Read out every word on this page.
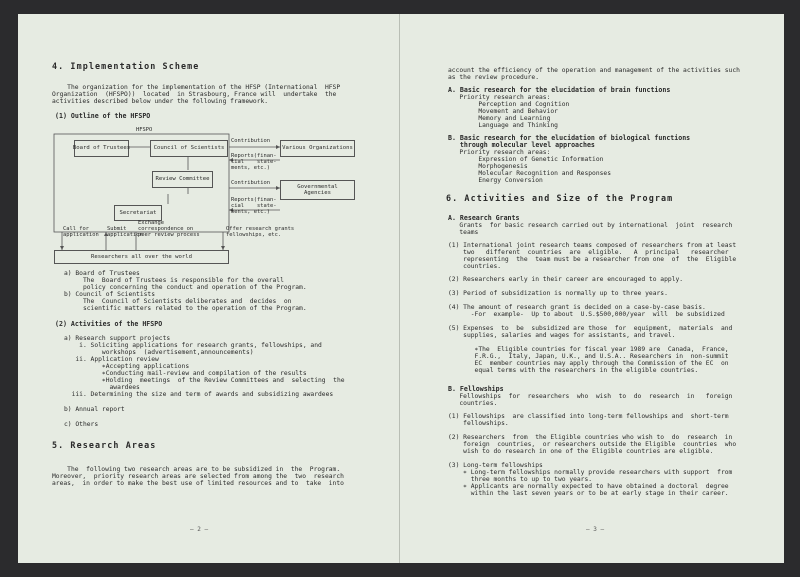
4. Implementation Scheme
The organization for the implementation of the HFSP (International  HFSP
Organization  (HFSPO))  located  in Strasbourg, France will  undertake  the
activities described below under the following framework.
(1) Outline of the HFSPO
HFSPO
Board of Trustees	Council of Scientists
Review Committee
Secretariat
Various Organizations
Governmental
Agencies
Contribution
Reports(finan-
cial    state-
ments, etc.)
Contribution
Reports(finan-
cial    state-
ments, etc.)
Call for
application
Submit
application
Exchange
correspondence on
peer review process
Offer research grants
fellowships, etc.
Researchers all over the world
a) Board of Trustees
The  Board of Trustees is responsible for the overall
policy concerning the conduct and operation of the Program.
b) Council of Scientists
The  Council of Scientists deliberates and  decides  on
scientific matters related to the operation of the Program.
(2) Activities of the HFSPO
a) Research support projects
i. Soliciting applications for research grants, fellowships, and
workshops  (advertisement,announcements)
ii. Application review
∗Accepting applications
∗Conducting mail-review and compilation of the results
∗Holding  meetings  of the Review Committees and  selecting  the
awardees
iii. Determining the size and term of awards and subsidizing awardees
b) Annual report
c) Others
5. Research Areas
The  following two research areas are to be subsidized in  the  Program.
Moreover,  priority research areas are selected from among the  two  research
areas,  in order to make the best use of limited resources and to  take  into
— 2 —
account the efficiency of the operation and management of the activities such
as the review procedure.
A. Basic research for the elucidation of brain functions
Priority research areas:
Perception and Cognition
Movement and Behavior
Memory and Learning
Language and Thinking
B. Basic research for the elucidation of biological functions
through molecular level approaches
Priority research areas:
Expression of Genetic Information
Morphogenesis
Molecular Recognition and Responses
Energy Conversion
6. Activities and Size of the Program
A. Research Grants
Grants  for basic research carried out by international  joint  research
teams
(1) International joint research teams composed of researchers from at least
two   different  countries  are  eligible.   A  principal   researcher
representing  the  team must be a researcher from one  of  the  Eligible
countries.
(2) Researchers early in their career are encouraged to apply.
(3) Period of subsidization is normally up to three years.
(4) The amount of research grant is decided on a case-by-case basis.
-For  example-  Up to about  U.S.$500,000/year  will  be subsidized
(5) Expenses  to  be  subsidized are those  for  equipment,  materials  and
supplies, salaries and wages for assistants, and travel.
∗The  Eligible countries for fiscal year 1989 are  Canada,  France,
F.R.G.,  Italy, Japan, U.K., and U.S.A.. Researchers in  non-summit
EC  member countries may apply through the Commission of the EC  on
equal terms with the researchers in the eligible countries.
B. Fellowships
Fellowships  for  researchers  who  wish  to  do  research  in   foreign
countries.
(1) Fellowships  are classified into long-term fellowships and  short-term
fellowships.
(2) Researchers  from  the Eligible countries who wish to  do  research  in
foreign  countries,  or researchers outside the Eligible  countries  who
wish to do research in one of the Eligible countries are eligible.
(3) Long-term fellowships
∗ Long-term fellowships normally provide researchers with support  from
three months to up to two years.
∗ Applicants are normally expected to have obtained a doctoral  degree
within the last seven years or to be at early stage in their career.
— 3 —
